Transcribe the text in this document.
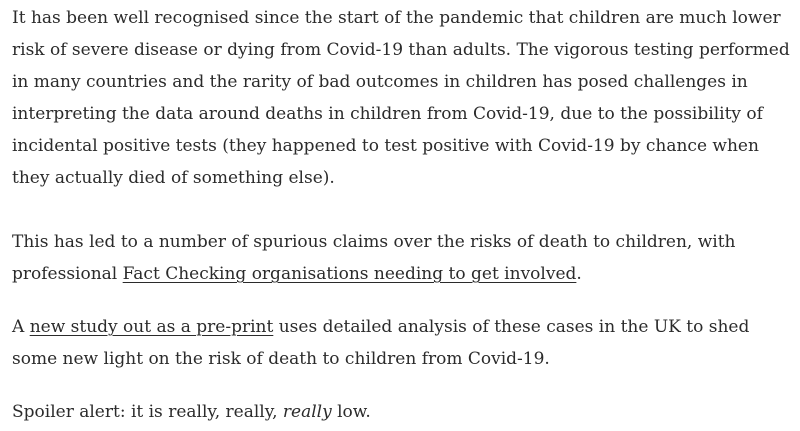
It has been well recognised since the start of the pandemic that children are much lower risk of severe disease or dying from Covid-19 than adults. The vigorous testing performed in many countries and the rarity of bad outcomes in children has posed challenges in interpreting the data around deaths in children from Covid-19, due to the possibility of incidental positive tests (they happened to test positive with Covid-19 by chance when they actually died of something else).

This has led to a number of spurious claims over the risks of death to children, with professional Fact Checking organisations needing to get involved.

A new study out as a pre-print uses detailed analysis of these cases in the UK to shed some new light on the risk of death to children from Covid-19.

Spoiler alert: it is really, really, really low.
